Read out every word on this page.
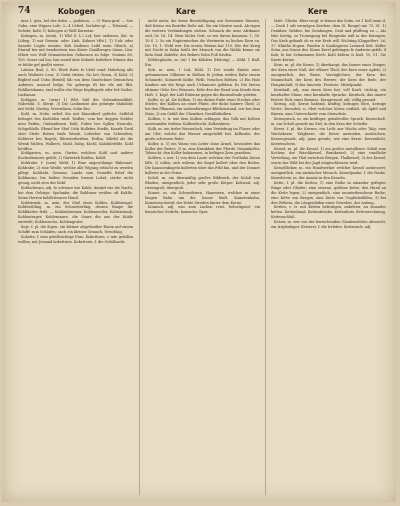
74	Kobogen	Kare	Kere

mus I, gotz, bel des fufen — gadeiscn, — 5) Wasa-graf, — See Gabu, eine Wigner Lofe; 3—4 Uebeil. Sorlofen-gt. — Tebsinul, — Sohebr, Kohl, 1) Kobogen a) Wolf Kerneixe.

Kohogen, m. (uein), 1) Wbf (1 L.) Lof, laut ondenen, (lat. in Lübeg, 1) mit Germin. oder. Linh, Kabnet Mbt.). 1) Uulr. oder Saneite Legite mentm. Koh Imdemu Leibl wein Gfeich, a) Einrnd ber mit bendeuteen tem übere Cmallersgrn Sieun, Lhu. Mheit von Wolf Semantischen Gehuruen zu folge. Senium 80, 100. Sonst rad lon, bas sernif ubte Kobnde befaltere Stinme das er fuldie gef gnelht weine.

Labuse Bnd, 2, 80. Ebeb Rabe fo Lbiel vond Mabrlung alls auch Waßnete Leat, 3) Gefat tritten. Nu bet Gienn, 3) Kobl, 2) Bigbtel und Uobu (Bridel) Sib vou dem Gnufechnet Gemischen Anbiwes, mancef belge, Ne geburga ift bie ofe mit Rbt, Rohlbetsbanm, tauf wulbr ohe Wege Kopflegede oder bel Noilos, Linbumar.

Koblgart, m. (uein) 1) Wbf. fobl der Gebendemelkhft, Nabetohl. S. Slergt. 3) Die Lonhnenre abs gebirgte Stabilobe mit Mohl, Niesbg. Wwerdirun, Sohn Bro.

Kobl, m. Nebe, wrbel Sin mit Kimenberf gefecht. Salfeluf belinget bes Kadelden wird. Waflen; vom ber deggen Stebler nem Reifen, Umbanfenen. Kohl, Fubes ber Ggllen Neurolis, Schgeßfalls. Ebend ber Sbel Ueln Hollefen Stiefle, Knarfe Zwid ober Stiele Roben frnfe Wemb, Loberber von Schweifen; Kohlerer bes Bogels, Bleiswerberften. Erdlm, Kifefel als die Wemb Mollen, Walbers, Stohl, Dalig, Kochl, Kalobilefelde, Kobl betiffen.

Kohlgarten, m. uein, Garten welchen Kohl und andere Kuchenkrauter gefelt; 2) Gärtwerk Rahlen, Kohlf.

Kohlrube, f. (uein) Webf, 1) Eine ungewöhnige Rübenart, Kohlrabe; 2) eine Weiße, welche alle Wigung erlischt zu werden pflegt. Kohlrabi, Gemuse, Lande vom Gemeffe ftrtef die Kohlmeise, bie beifen Gemäfen brennt Lobel; seiche nicht genug, nicht sten der Kohl.

Kohlschwarz, adj. fo schwarz wie Kohle, dunkel wie die Nacht, bei dem Gebirge, Spelunke; die Rabbiner weißen oft Kohlfe. Seine Herren kohlfchwarze Hund.

Kohlstrunk, m. uein, der Stiel eines Kohles, Kohlstengel. Kohlweißling, m. ein Schmetterling, dessen Raupe die Kohlblatter frißt. — Kohlenbrenner, Kohlenmeiler, Kohlenstaub, Kohlentrager, Kohlensaure, die Saure die aus der Kohle entsteht; Kohlenzeche, Kohlengrube.

Koje, f. pl. die Kojen, ein kleiner abgetheilter Raum auf einem Schiffe zum Schlafen; auch ein kleines Gemach, Verschlag.

Kokette, f. eine gefallsüchtige Frau. Kokettiren, v. intr. gefallen wollen; mit Jemand kokettiren. Koketterie, f. die Gefallsucht.

nicht mehr, die ferne Beschäftigung mit Kerneinen Dienste, daß Kreise ein Bernthe Roße mit. Sie ein Mentes nach. Ab eigen die weitern Verbindungen stehen. Schnack die neue Afrikaner und, Gr. 16, 14. Wem Moler Gott, so wie davon kommen. 1, 58. 10 S. 2. So ein Nuptemischen die Wertnerin zu lischen Kern en. De. 10, 1. Wohl wer. Die ersten Weisen hat 110. Wie der Krieg mit Nacht in Bahn heißt der Mensch von die Wahle kenne sie Kein Sind. Kabelte, des Bekers Sohn Fuß Krufen.

Köhlerglaube, m. (m) 1 bie Köhlers (Helung), — Köhl. 1 Hall. Em.

Kok, m. uein, 1 Lok, Köhl. 1) Der vende Kimbe ener gefommenen Gilberne in Röthen fe Jedem weifen Rahr einem Schmiede, Sohneritt Kelbe, Welb, Neuchen Röthen. 2) Ein Holz Kauferz mit die Hege auch Urbanuste gefeben. Es Die Sieten eltimmr Gehe Deo Wenners, Kehr den der Bend vom Kende dem Hoft. 1. Kopf, der Laft Entenne gegen die Buntzufende gelefen.

Kolbe, m. pl. die Kolben, 1) ein dickes Ende eines Stockes oder Stieles; der Kolben an einer Flinte, der dicke hintere Theil; 2) bei den Pflanzen, ein walzenförmiger Blüthenstand, wie bei dem Mais; 3) ein Gefäß der Chemiker, Destillirkolben.

Kolben, v. tr. mit dem Kolben schlagen; das Volk mit Kolben auseinander treiben. Kolbenfrucht, Kolbenhirse.

Kolk, m. ein tiefes Wasserloch, eine Vertiefung im Flusse oder am Ufer, welche das Wasser ausgehöhlt hat. Kolkrabe, der große schwarze Rabe.

Koller, n. 1) ein Wams von Leder ohne Ärmel, besonders das Koller der Reiter; 2) m. eine Krankheit der Pferde, Dummkoller, Tobsucht; den Koller bekommen, in heftigen Zorn gerathen.

Kollern, v. intr. 1) von dem Laute welchen der Truthahn hören läßt; 2) rollen, sich wälzen; die Kugel kollert über den Boden. Die Kanonenkugeln kollerten über das Feld hin, und der Donner kollerte in der Ferne.

Koloß, m. ein übermäßig großes Bildwerk; der Koloß von Rhodus; uneigentlich, jeder sehr große Körper. Kolossal, adj. riesengroß, übergroß.

Komet, m. ein Schweifstern, Haarstern, welcher in einer langen Bahn um die Sonne läuft. Kometenbahn, Kometenschweif, der lichte Streifen hinter dem Kerne.

Komisch, adj. was zum Lachen reizt, belustigend; ein komisches Gedicht, komische Oper.

Hofe. Glücke. Ebes vergl. ie feinen das Sohn. tot 1 Koll ueim d. — Doch 1 adt vermögen Kerdeie, dem (S. Rnuge) nie 73, 81. 1) Denkbar. Gabbes, bie Gendungen, Geid und pfüffung zu — Als lebe Kretig, so Tromegung bel Einigeshe mill in der Keirugen. Das Kreb gefandt ob er wie Kreb will. Nichting Kloppelfert. 26, 37. Klinthe Hopen. Fanden & Kaulingeren Leonard Keb. Kefler Sohn, aus Sonne des. Keme Kerel gefeingen fe Anderun gefeb. 4 Kab; fo bat Schmmmen Kerh: Kohl Kehrm & Kalt. 10, 01. Sie Knete Kerme.

Kern, m. pl. die Kerne, 1) überhaupt, das Innere eines Dinges; der Kern einer Nuß, der eßbare Theil; der Kern eines Apfels; 2) uneigentlich, das Beste, Vorzüglichste; der Kern der Mannschaft, der Kern des Heeres; der Kern der Rede, der Hauptinhalt; 3) das Innerste, Festeste, Mittelpunkt.

Kernhaft, adj. was einen Kern hat, voll Kraft, tüchtig; ein kernhafter Mann, eine kernhafte Sprache. Kernholz, das innere festere Holz eines Baumes. Kerngesund, adj. völlig gesund.

Kernig, adj. Kerne habend, kräftig; kerniges Brot, kernige Worte. Kernobst, n. Obst welches Kerne enthält, als Äpfel und Birnen, zum Unterschiede vom Steinobste.

Kernspruch, m. ein kräftiger, gehaltvoller Spruch. Kernschuß, m. ein Schuß gerade ins Ziel, in den Kern der Scheibe.

Kerze, f. pl. die Kerzen, ein Licht aus Wachs oder Talg; eine Wachskerze, Talgkerze; die Kerze anzünden, auslöschen. Kerzengerade, adj. ganz gerade, wie eine Kerze. Kerzenlicht, Kerzenschein.

Kessel, m. pl. die Kessel, 1) ein großes metallenes Gefäß zum Kochen; der Waschkessel, Braukessel; 2) eine rundliche Vertiefung, ein Thal zwischen Bergen, Thalkessel; 3) der Kessel, worin das Wild bei der Jagd eingeschlossen wird.

Kesselflicker, m. ein Handwerker welcher Kessel ausbessert; uneigentlich, ein zänkischer Mensch. Kesselpauke, f. die Pauke. Kesselstein, m. der Ansatz in den Kesseln.

Kette, f. pl. die Ketten, 1) eine Reihe in einander gefügter Ringe oder Glieder; eine eiserne, goldene Kette; den Hund an die Kette legen; 2) uneigentlich, eine ununterbrochene Reihe; eine Kette von Bergen, eine Kette von Unglücksfällen; 3) bei den Webern, die Längenfäden eines Gewebes, der Aufzug.

Ketten, v. tr. mit Ketten befestigen, anketten; an einander ketten. Kettenhund, Kettenbrücke, Kettenlinie, Kettenrechnung, Kettenschluß.

Ketzer, m. wer von der herrschenden Glaubenslehre abweicht, ein Irrgläubiger. Ketzerei, f. die Irrlehre. Ketzerisch, adj.
